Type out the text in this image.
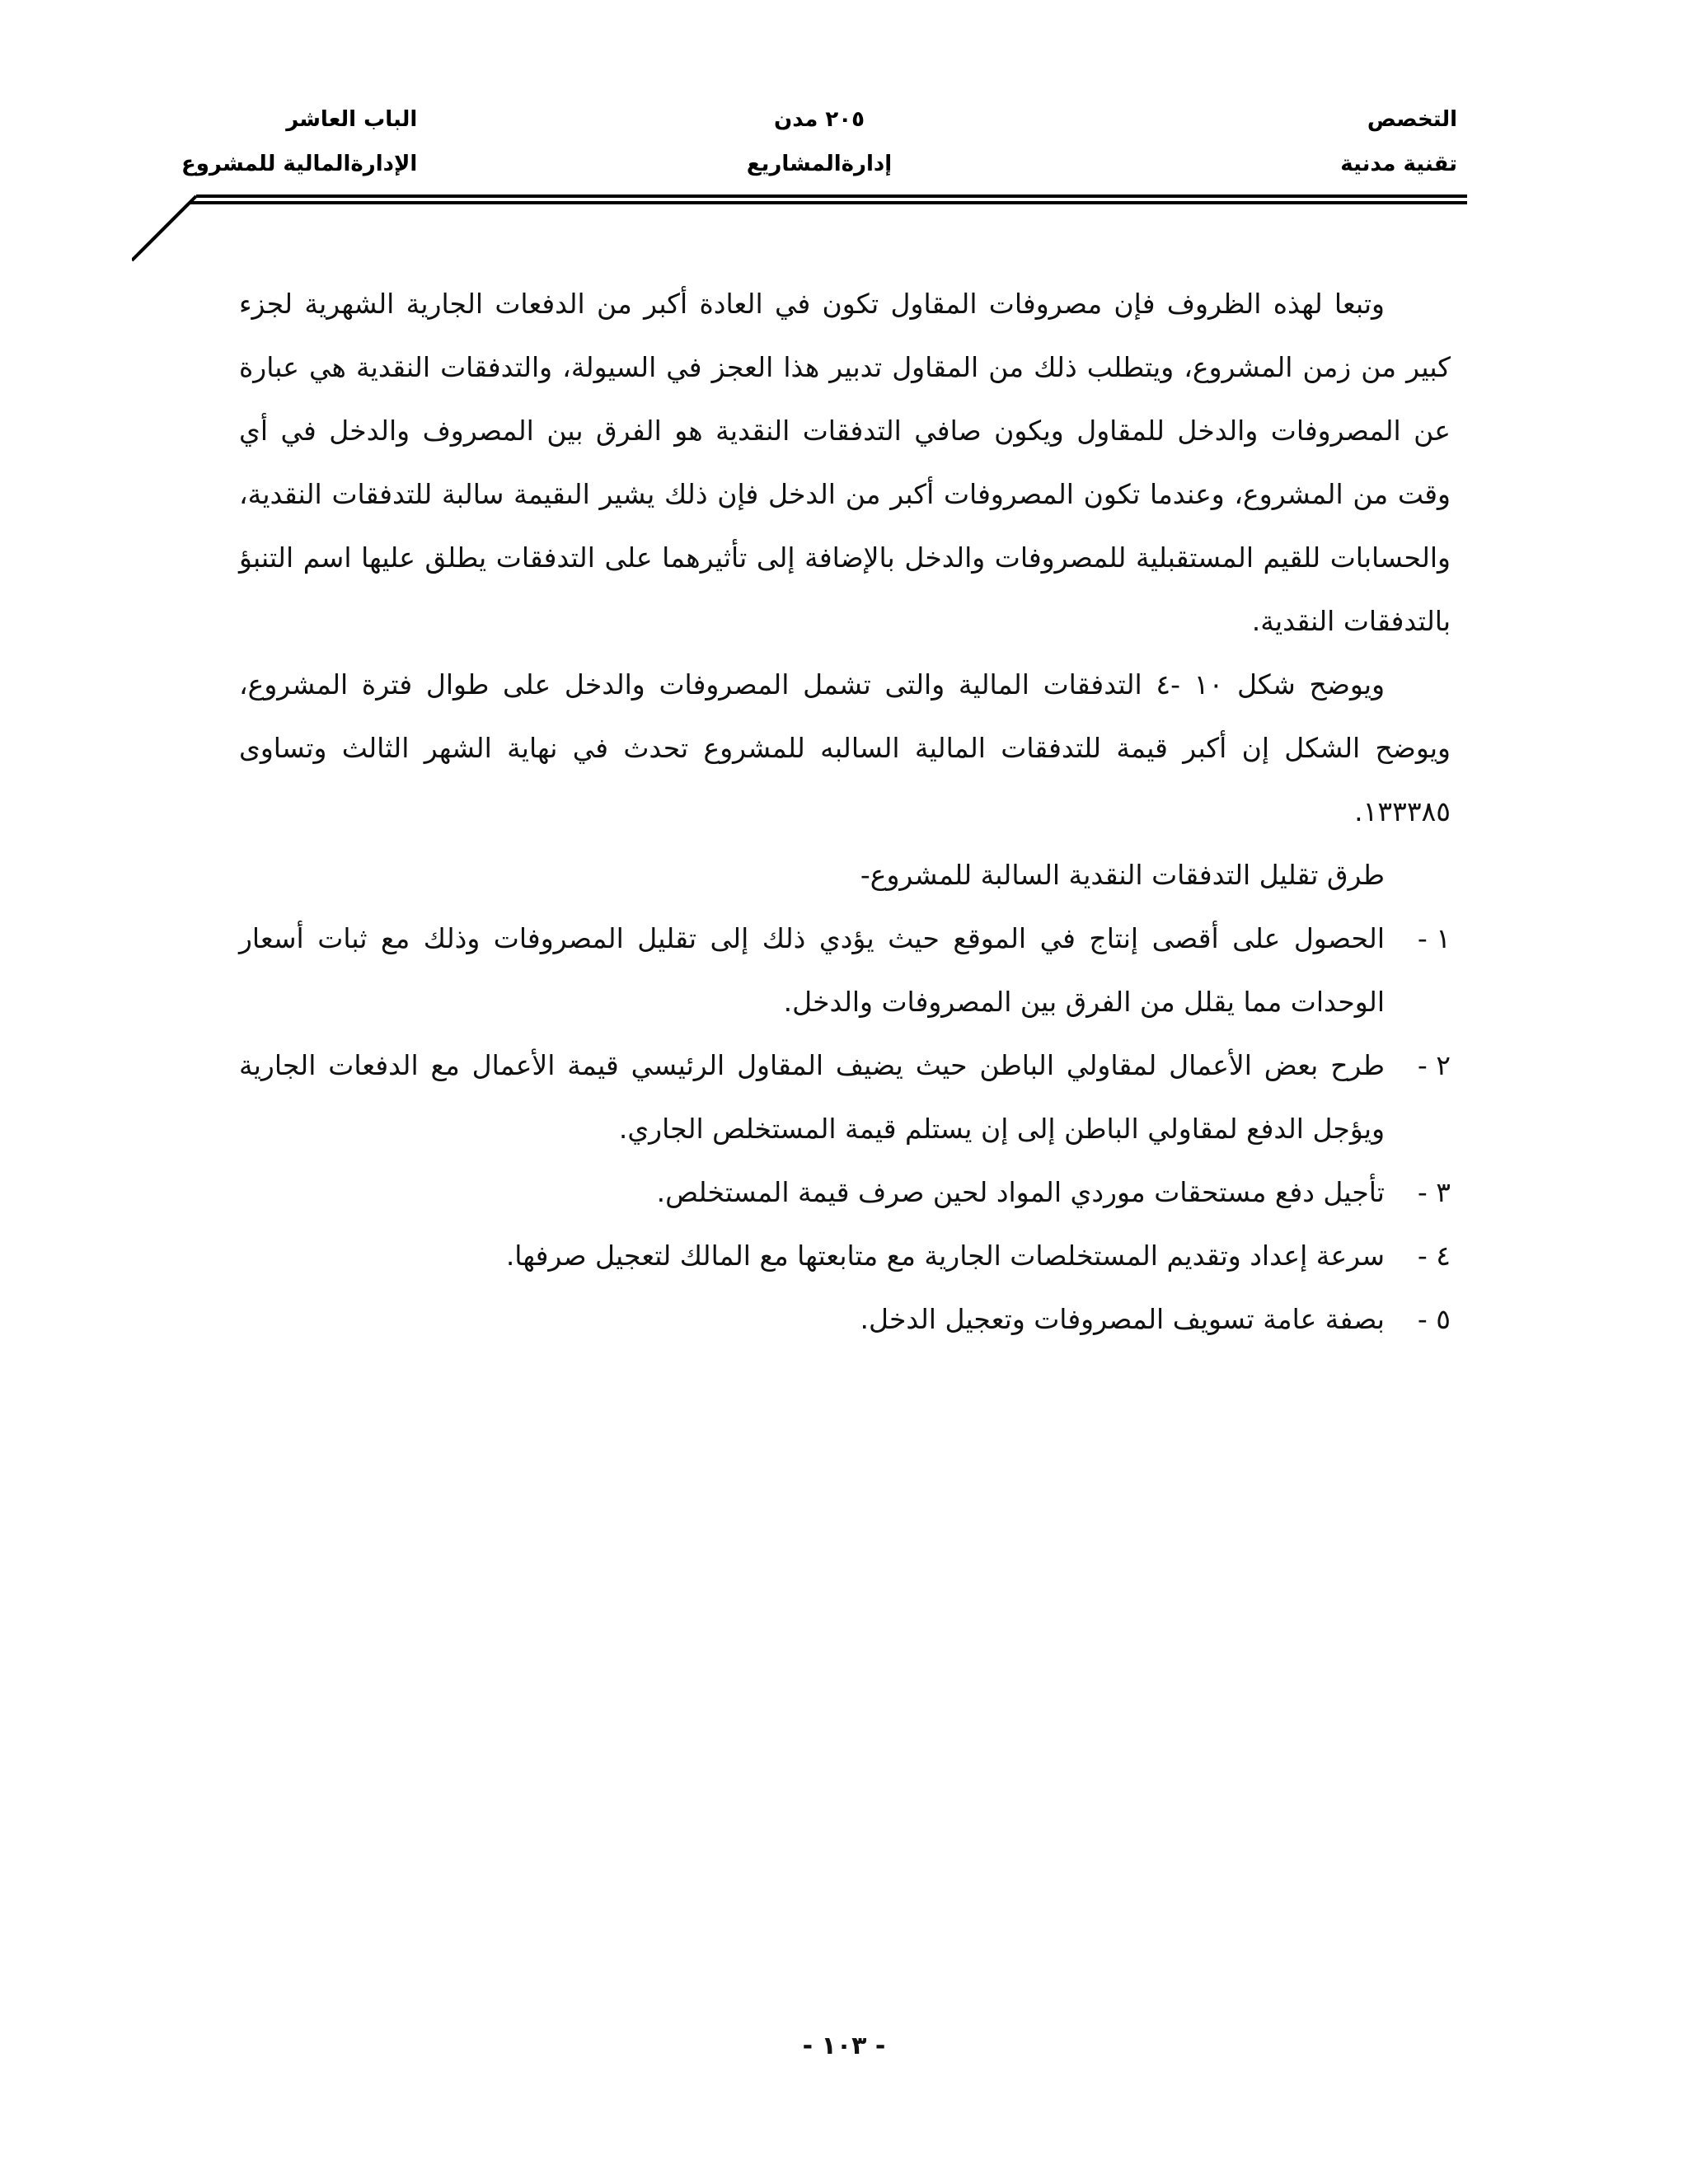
التخصص
تقنية مدنية
٢٠٥ مدن
إدارةالمشاريع
الباب العاشر
الإدارةالمالية للمشروع

وتبعا لهذه الظروف فإن مصروفات المقاول تكون في العادة أكبر من الدفعات الجارية الشهرية لجزء كبير من زمن المشروع، ويتطلب ذلك من المقاول تدبير هذا العجز في السيولة، والتدفقات النقدية هي عبارة عن المصروفات والدخل للمقاول ويكون صافي التدفقات النقدية هو الفرق بين المصروف والدخل في أي وقت من المشروع، وعندما تكون المصروفات أكبر من الدخل فإن ذلك يشير الىقيمة سالبة للتدفقات النقدية، والحسابات للقيم المستقبلية للمصروفات والدخل بالإضافة إلى تأثيرهما على التدفقات يطلق عليها اسم التنبؤ بالتدفقات النقدية.

ويوضح شكل ١٠ -٤ التدفقات المالية والتى تشمل المصروفات والدخل على طوال فترة المشروع، ويوضح الشكل إن أكبر قيمة للتدفقات المالية السالبه للمشروع تحدث في نهاية الشهر الثالث وتساوى ١٣٣٣٨٥.

طرق تقليل التدفقات النقدية السالبة للمشروع-

١ -
الحصول على أقصى إنتاج في الموقع حيث يؤدي ذلك إلى تقليل المصروفات وذلك مع ثبات أسعار الوحدات مما يقلل من الفرق بين المصروفات والدخل.
٢ -
طرح بعض الأعمال لمقاولي الباطن حيث يضيف المقاول الرئيسي قيمة الأعمال مع الدفعات الجارية ويؤجل الدفع لمقاولي الباطن إلى إن يستلم قيمة المستخلص الجاري.
٣ -
تأجيل دفع مستحقات موردي المواد لحين صرف قيمة المستخلص.
٤ -
سرعة إعداد وتقديم المستخلصات الجارية مع متابعتها مع المالك لتعجيل صرفها.
٥ -
بصفة عامة تسويف المصروفات وتعجيل الدخل.
- ١٠٣ -
